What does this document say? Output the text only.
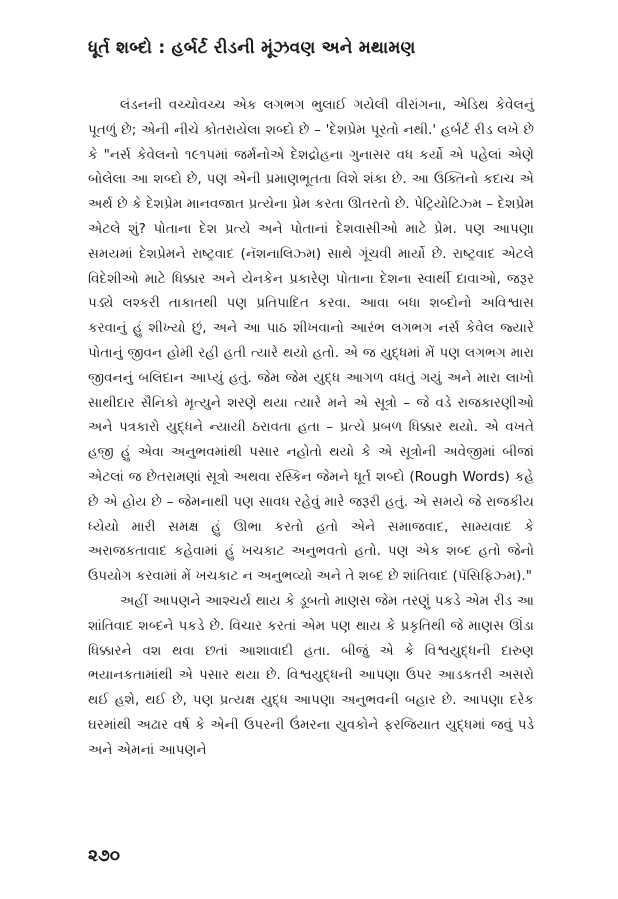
ધૂર્ત શબ્દો : હર્બર્ટ રીડની મૂંઝવણ અને મથામણ

લંડનની વચ્ચોવચ્ચ એક લગભગ ભુલાઈ ગયેલી વીરાંગના, એડિથ કેવેલનું પૂતળું છે; એની નીચે કોતરાયેલા શબ્દો છે – 'દેશપ્રેમ પૂરતો નથી.' હર્બર્ટ રીડ લખે છે કે "નર્સ કેવેલનો ૧૯૧૫માં જર્મનોએ દેશદ્રોહના ગુનાસર વધ કર્યો એ પહેલાં એણે બોલેલા આ શબ્દો છે, પણ એની પ્રમાણભૂતતા વિશે શંકા છે. આ ઉક્તિનો કદાચ એ અર્થ છે કે દેશપ્રેમ માનવજાત પ્રત્યેના પ્રેમ કરતા ઊતરતો છે. પેટ્રિયોટિઝ્મ – દેશપ્રેમ એટલે શું? પોતાના દેશ પ્રત્યે અને પોતાનાં દેશવાસીઓ માટે પ્રેમ. પણ આપણા સમયમાં દેશપ્રેમને રાષ્ટ્રવાદ (નૅશનાલિઝ્મ) સાથે ગૂંચવી માર્યો છે. રાષ્ટ્રવાદ એટલે વિદેશીઓ માટે ધિક્કાર અને યેનકેન પ્રકારેણ પોતાના દેશના સ્વાર્થી દાવાઓ, જરૂર પડ્યે લશ્કરી તાકાતથી પણ પ્રતિપાદિત કરવા. આવા બધા શબ્દોનો અવિશ્વાસ કરવાનું હું શીખ્યો છું, અને આ પાઠ શીખવાનો આરંભ લગભગ નર્સ કેવેલ જ્યારે પોતાનું જીવન હોમી રહી હતી ત્યારે થયો હતો. એ જ યુદ્ધમાં મેં પણ લગભગ મારા જીવનનું બલિદાન આપ્યું હતું. જેમ જેમ યુદ્ધ આગળ વધતું ગયું અને મારા લાખો સાથીદાર સૈનિકો મૃત્યુને શરણે થયા ત્યારે મને એ સૂત્રો – જે વડે રાજકારણીઓ અને પત્રકારો યુદ્ધને ન્યાયી ઠરાવતા હતા – પ્રત્યે પ્રબળ ધિક્કાર થયો. એ વખતે હજી હું એવા અનુભવમાંથી પસાર નહોતો થયો કે એ સૂત્રોની અવેજીમાં બીજાં એટલાં જ છેતરામણાં સૂત્રો અથવા રસ્કિન જેમને ધૂર્ત શબ્દો (Rough Words) કહે છે એ હોય છે – જેમનાથી પણ સાવધ રહેવું મારે જરૂરી હતું. એ સમયે જે રાજકીય ધ્યેયો મારી સમક્ષ હું ઊભા કરતો હતો એને સમાજવાદ, સામ્યવાદ કે અરાજકતાવાદ કહેવામાં હું ખચકાટ અનુભવતો હતો. પણ એક શબ્દ હતો જેનો ઉપયોગ કરવામાં મેં ખચકાટ ન અનુભવ્યો અને તે શબ્દ છે શાંતિવાદ (પૅસિફિઝ્મ)."

અહીં આપણને આશ્ચર્ય થાય કે ડૂબતો માણસ જેમ તરણું પકડે એમ રીડ આ શાંતિવાદ શબ્દને પકડે છે. વિચાર કરતાં એમ પણ થાય કે પ્રકૃતિથી જે માણસ ઊંડા ધિક્કારને વશ થવા છતાં આશાવાદી હતા. બીજું એ કે વિશ્વયુદ્ધની દારુણ ભયાનકતામાંથી એ પસાર થયા છે. વિશ્વયુદ્ધની આપણા ઉપર આડકતરી અસરો થઈ હશે, થઈ છે, પણ પ્રત્યક્ષ યુદ્ધ આપણા અનુભવની બહાર છે. આપણા દરેક ઘરમાંથી અઢાર વર્ષ કે એની ઉપરની ઉંમરના યુવકોને ફરજિયાત યુદ્ધમાં જવું પડે અને એમનાં આપણને

૨૭૦
